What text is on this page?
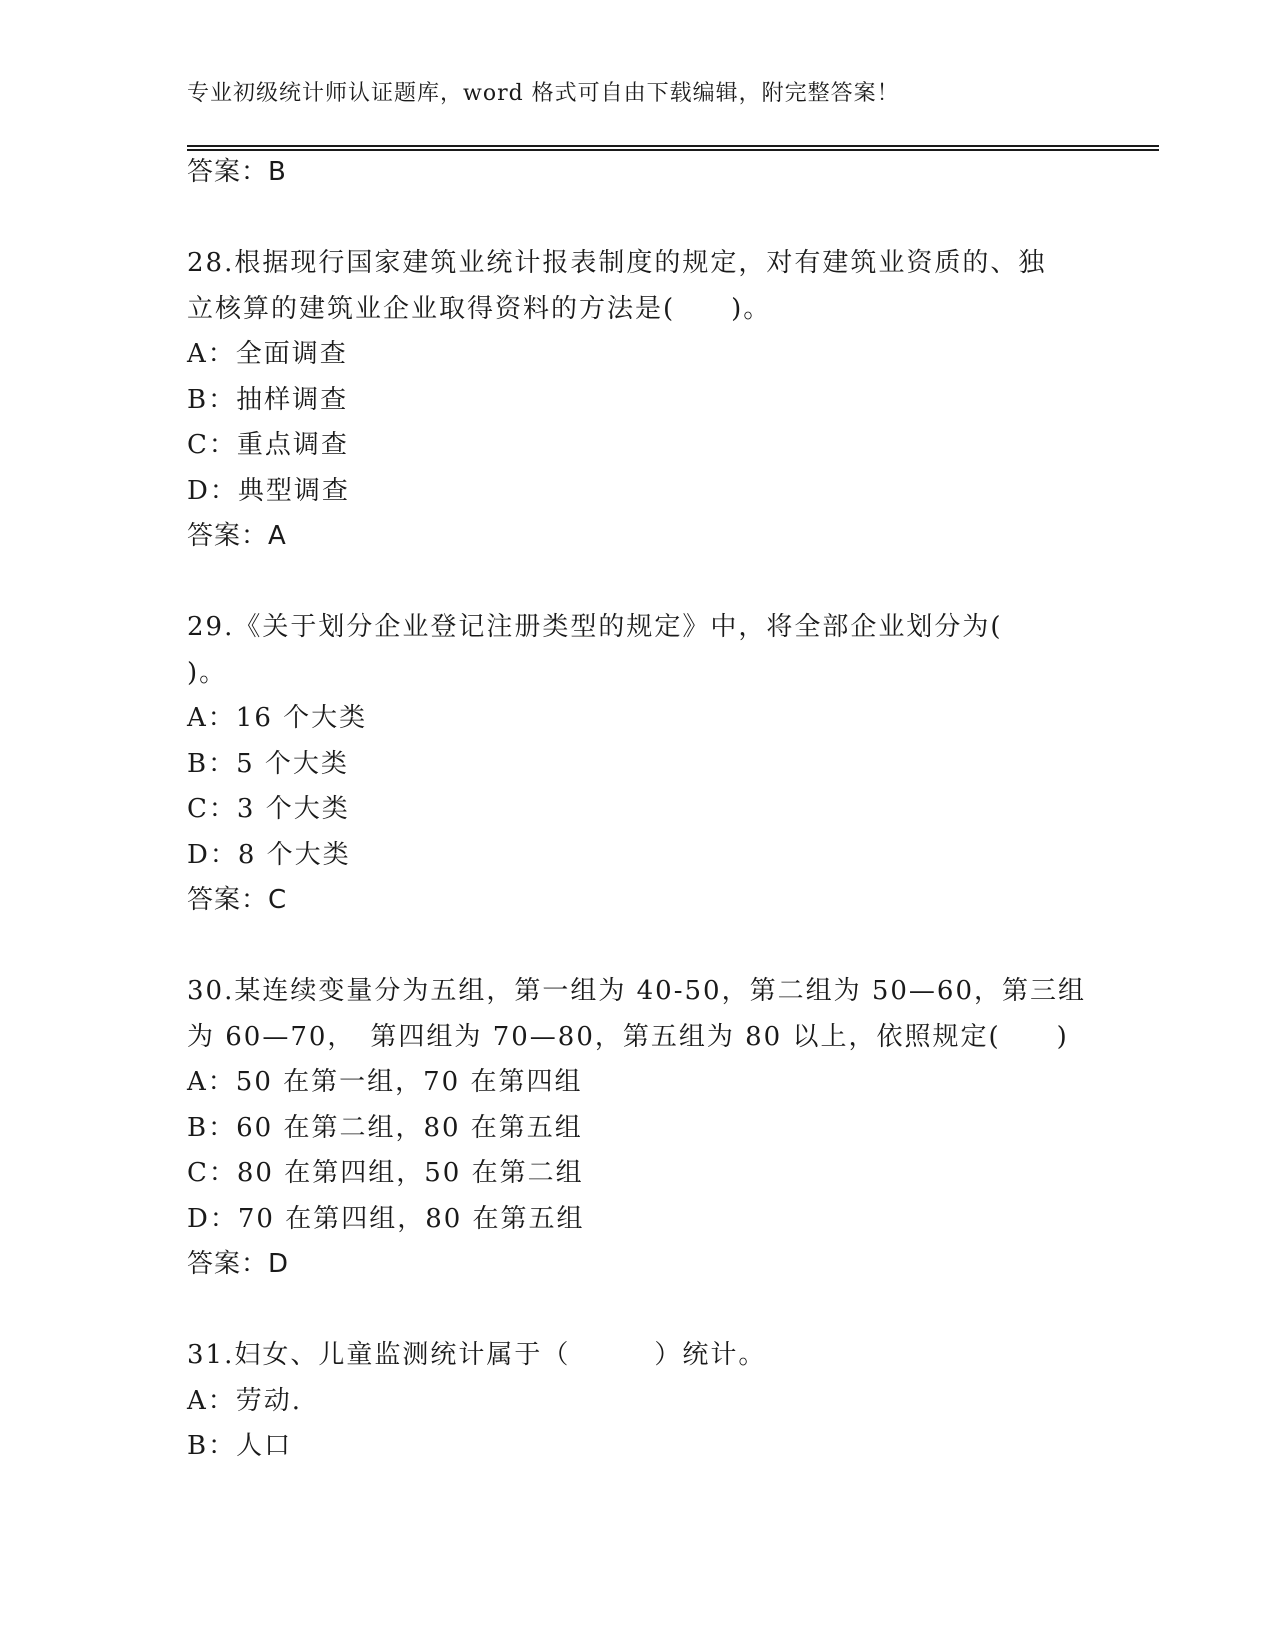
专业初级统计师认证题库，word 格式可自由下载编辑，附完整答案！
答案：B
28.根据现行国家建筑业统计报表制度的规定，对有建筑业资质的、独
立核算的建筑业企业取得资料的方法是(　　)。
A：全面调查
B：抽样调查
C：重点调查
D：典型调查
答案：A
29.《关于划分企业登记注册类型的规定》中，将全部企业划分为(
)。
A：16 个大类
B：5 个大类
C：3 个大类
D：8 个大类
答案：C
30.某连续变量分为五组，第一组为 40-50，第二组为 50—60，第三组
为 60—70，　第四组为 70—80，第五组为 80 以上，依照规定(　　)
A：50 在第一组，70 在第四组
B：60 在第二组，80 在第五组
C：80 在第四组，50 在第二组
D：70 在第四组，80 在第五组
答案：D
31.妇女、儿童监测统计属于（　　　）统计。
A：劳动.
B：人口
